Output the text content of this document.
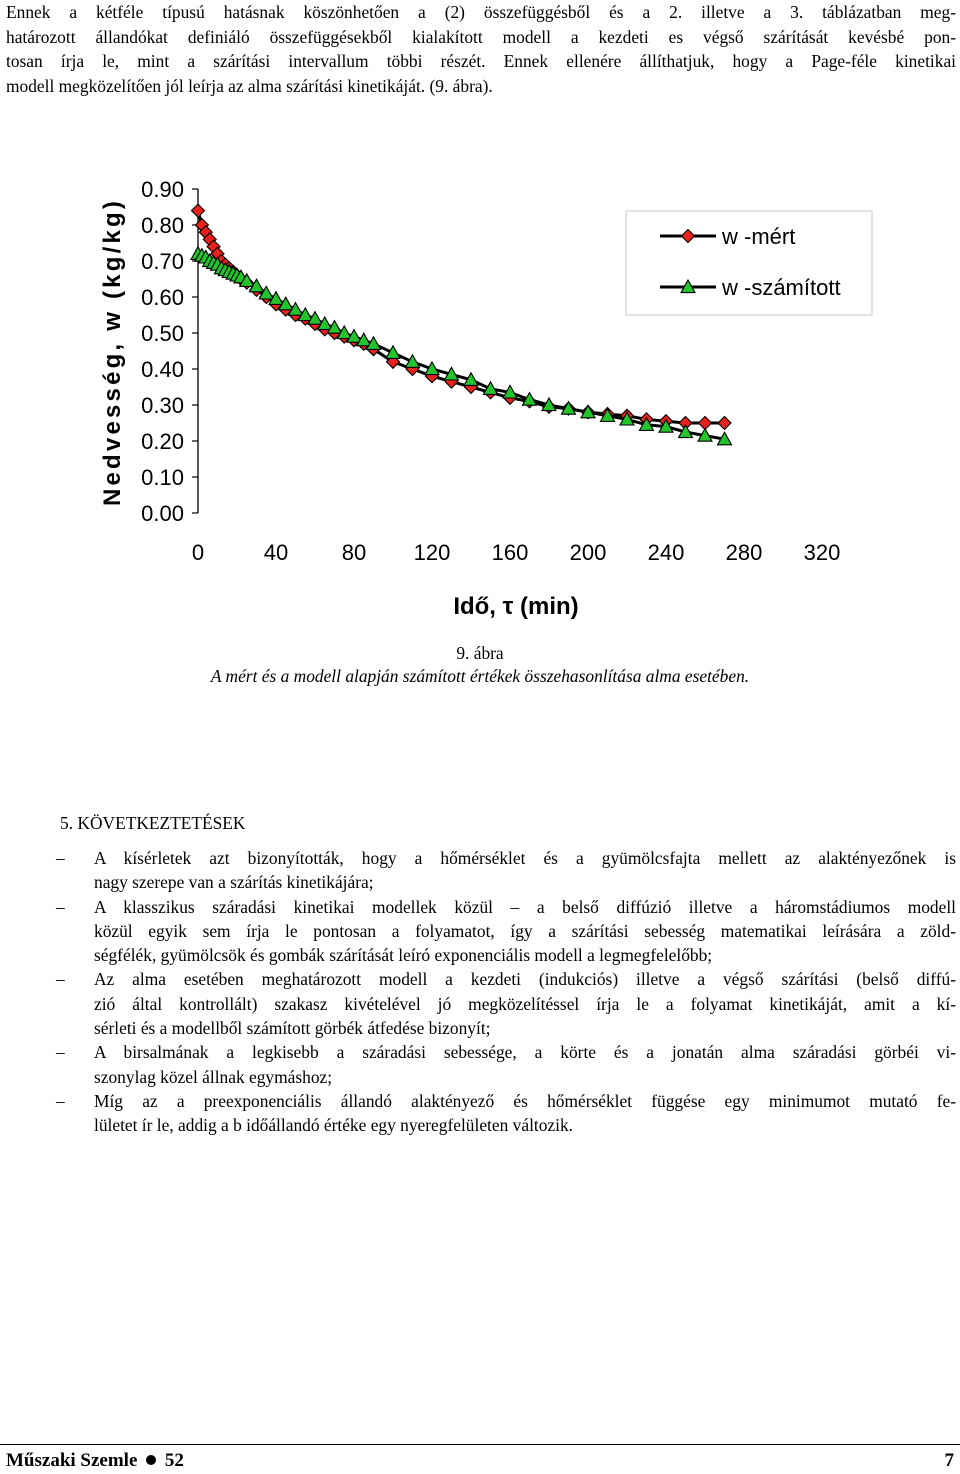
Ennek a kétféle típusú hatásnak köszönhetően a (2) összefüggésből és a 2. illetve a 3. táblázatban meg-
határozott állandókat definiáló összefüggésekből kialakított modell a kezdeti es végső szárítását kevésbé pon-
tosan írja le, mint a szárítási intervallum többi részét. Ennek ellenére állíthatjuk, hogy a Page-féle kinetikai
modell megközelítően jól leírja az alma szárítási kinetikáját. (9. ábra).
0.00
0.10
0.20
0.30
0.40
0.50
0.60
0.70
0.80
0.90
0	40 80 120 160 200 240 280 320
Nedvesség, w (kg/kg)
Idő, τ (min)
w -mért
w -számított
9. ábra
A mért és a modell alapján számított értékek összehasonlítása alma esetében.
5. KÖVETKEZTETÉSEK
–	A kísérletek azt bizonyították, hogy a hőmérséklet és a gyümölcsfajta mellett az alaktényezőnek is
nagy szerepe van a szárítás kinetikájára;
–	A klasszikus száradási kinetikai modellek közül – a belső diffúzió illetve a háromstádiumos modell
közül egyik sem írja le pontosan a folyamatot, így a szárítási sebesség matematikai leírására a zöld-
ségfélék, gyümölcsök és gombák szárítását leíró exponenciális modell a legmegfelelőbb;
–	Az alma esetében meghatározott modell a kezdeti (indukciós) illetve a végső szárítási (belső diffú-
zió által kontrollált) szakasz kivételével jó megközelítéssel írja le a folyamat kinetikáját, amit a kí-
sérleti és a modellből számított görbék átfedése bizonyít;
–	A birsalmának a legkisebb a száradási sebessége, a körte és a jonatán alma száradási görbéi vi-
szonylag közel állnak egymáshoz;
–	Míg az a preexponenciális állandó alaktényező és hőmérséklet függése egy minimumot mutató fe-
lületet ír le, addig a b időállandó értéke egy nyeregfelületen változik.
Műszaki Szemle 52	7
